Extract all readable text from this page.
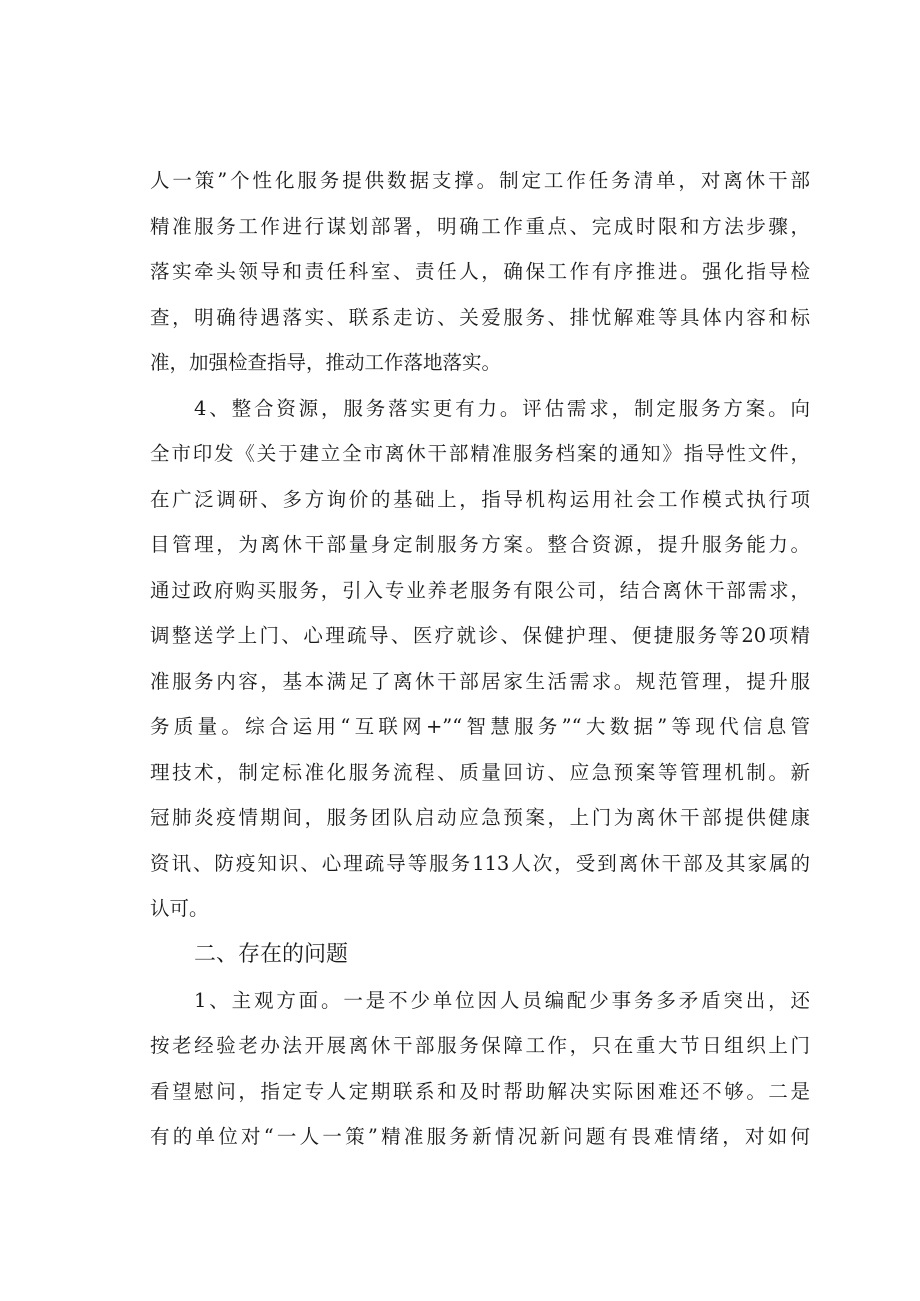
人一策”个性化服务提供数据支撑。制定工作任务清单，对离休干部
精准服务工作进行谋划部署，明确工作重点、完成时限和方法步骤，
落实牵头领导和责任科室、责任人，确保工作有序推进。强化指导检
查，明确待遇落实、联系走访、关爱服务、排忧解难等具体内容和标
准，加强检查指导，推动工作落地落实。
4、整合资源，服务落实更有力。评估需求，制定服务方案。向
全市印发《关于建立全市离休干部精准服务档案的通知》指导性文件，
在广泛调研、多方询价的基础上，指导机构运用社会工作模式执行项
目管理，为离休干部量身定制服务方案。整合资源，提升服务能力。
通过政府购买服务，引入专业养老服务有限公司，结合离休干部需求，
调整送学上门、心理疏导、医疗就诊、保健护理、便捷服务等20项精
准服务内容，基本满足了离休干部居家生活需求。规范管理，提升服
务质量。综合运用“互联网+”“智慧服务”“大数据”等现代信息管
理技术，制定标准化服务流程、质量回访、应急预案等管理机制。新
冠肺炎疫情期间，服务团队启动应急预案，上门为离休干部提供健康
资讯、防疫知识、心理疏导等服务113人次，受到离休干部及其家属的
认可。
二、存在的问题
1、主观方面。一是不少单位因人员编配少事务多矛盾突出，还
按老经验老办法开展离休干部服务保障工作，只在重大节日组织上门
看望慰问，指定专人定期联系和及时帮助解决实际困难还不够。二是
有的单位对“一人一策”精准服务新情况新问题有畏难情绪，对如何
